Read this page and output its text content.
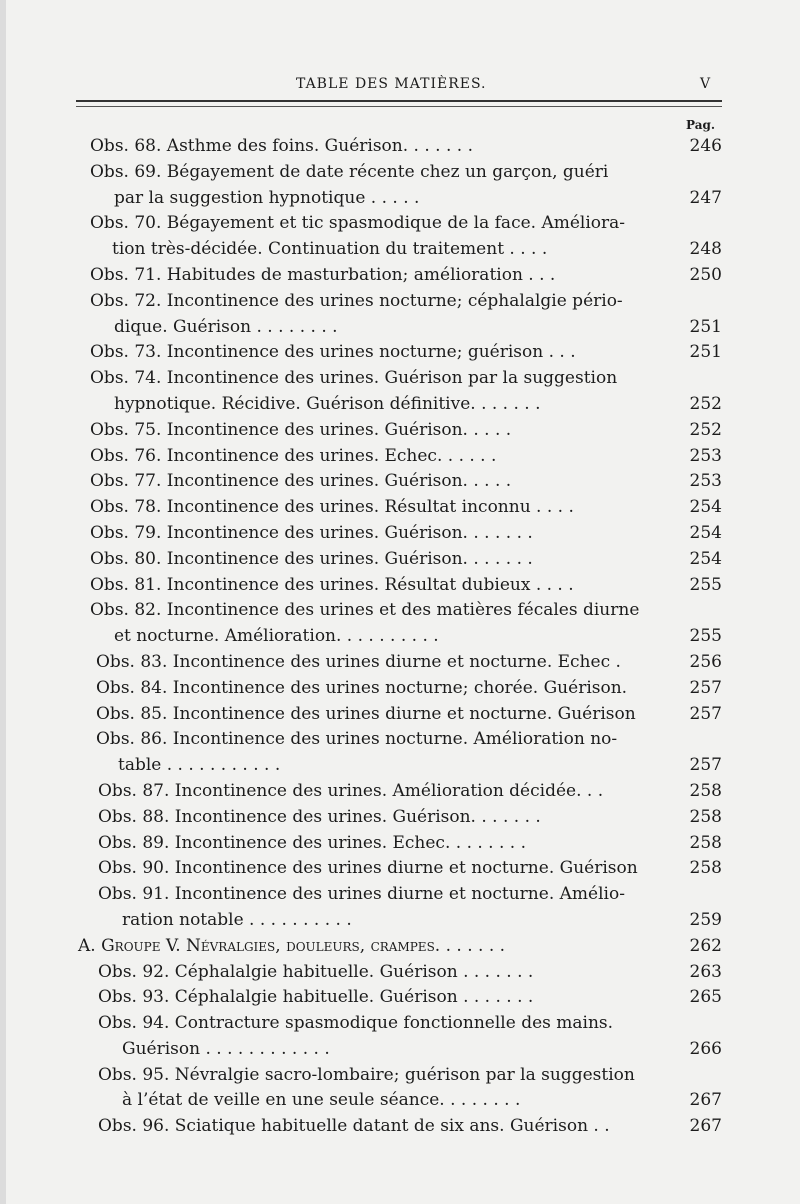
TABLE DES MATIÈRES.	V
Pag.
Obs. 68. Asthme des foins. Guérison. . . . . . .	246
Obs. 69. Bégayement de date récente chez un garçon, guéri
par la suggestion hypnotique . . . . .	247
Obs. 70. Bégayement et tic spasmodique de la face. Améliora-
tion très-décidée. Continuation du traitement . . . .	248
Obs. 71. Habitudes de masturbation; amélioration . . .	250
Obs. 72. Incontinence des urines nocturne; céphalalgie pério-
dique. Guérison . . . . . . . .	251
Obs. 73. Incontinence des urines nocturne; guérison . . .	251
Obs. 74. Incontinence des urines. Guérison par la suggestion
hypnotique. Récidive. Guérison définitive. . . . . . .	252
Obs. 75. Incontinence des urines. Guérison. . . . .	252
Obs. 76. Incontinence des urines. Echec. . . . . .	253
Obs. 77. Incontinence des urines. Guérison. . . . .	253
Obs. 78. Incontinence des urines. Résultat inconnu . . . .	254
Obs. 79. Incontinence des urines. Guérison. . . . . . .	254
Obs. 80. Incontinence des urines. Guérison. . . . . . .	254
Obs. 81. Incontinence des urines. Résultat dubieux . . . .	255
Obs. 82. Incontinence des urines et des matières fécales diurne
et nocturne. Amélioration. . . . . . . . . .	255
Obs. 83. Incontinence des urines diurne et nocturne. Echec .	256
Obs. 84. Incontinence des urines nocturne; chorée. Guérison.	257
Obs. 85. Incontinence des urines diurne et nocturne. Guérison	257
Obs. 86. Incontinence des urines nocturne. Amélioration no-
table . . . . . . . . . . .	257
Obs. 87. Incontinence des urines. Amélioration décidée. . .	258
Obs. 88. Incontinence des urines. Guérison. . . . . . .	258
Obs. 89. Incontinence des urines. Echec. . . . . . . .	258
Obs. 90. Incontinence des urines diurne et nocturne. Guérison	258
Obs. 91. Incontinence des urines diurne et nocturne. Amélio-
ration notable . . . . . . . . . .	259
A. Groupe V. Névralgies, douleurs, crampes. . . . . . .	262
Obs. 92. Céphalalgie habituelle. Guérison . . . . . . .	263
Obs. 93. Céphalalgie habituelle. Guérison . . . . . . .	265
Obs. 94. Contracture spasmodique fonctionnelle des mains.
Guérison . . . . . . . . . . . .	266
Obs. 95. Névralgie sacro-lombaire; guérison par la suggestion
à l’état de veille en une seule séance. . . . . . . .	267
Obs. 96. Sciatique habituelle datant de six ans. Guérison . .	267
